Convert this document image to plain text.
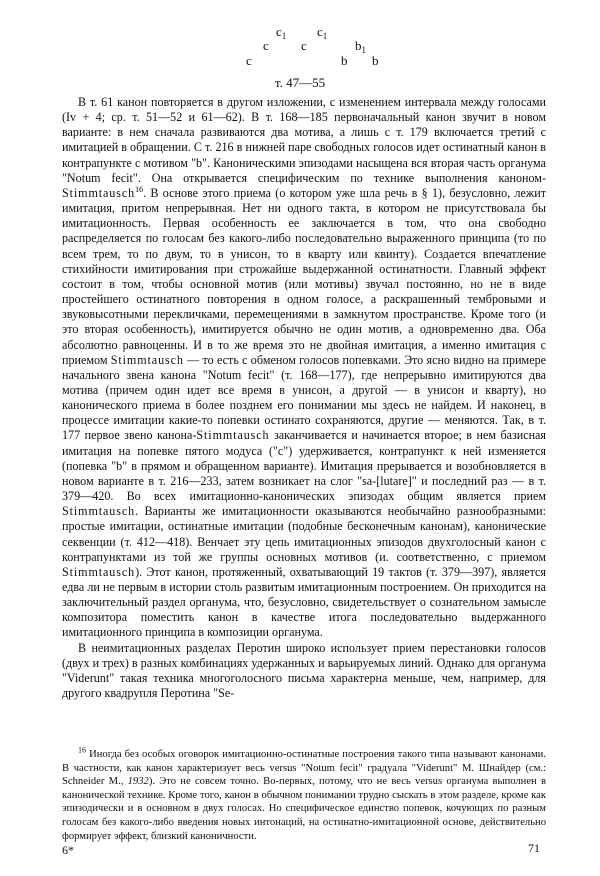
$c_1$ $c_1$
c c	$b_1$
c	b b
т. 47—55

В т. 61 канон повторяется в другом изложении, с изменением интервала между голосами (Iv + 4; ср. т. 51—52 и 61—62). В т. 168—185 первоначальный канон звучит в новом варианте: в нем сначала развиваются два мотива, а лишь с т. 179 включается третий с имитацией в обращении. С т. 216 в нижней паре свободных голосов идет остинатный канон в контрапункте с мотивом "b". Каноническими эпизодами насыщена вся вторая часть органума "Notum fecit". Она открывается специфическим по технике выполнения каноном-Stimmtausch$^{16}$. В основе этого приема (о котором уже шла речь в § 1), безусловно, лежит имитация, притом непрерывная. Нет ни одного такта, в котором не присутствовала бы имитационность. Первая особенность ее заключается в том, что она свободно распределяется по голосам без какого-либо последовательно выраженного принципа (то по всем трем, то по двум, то в унисон, то в кварту или квинту). Создается впечатление стихийности имитирования при строжайше выдержанной остинатности. Главный эффект состоит в том, чтобы основной мотив (или мотивы) звучал постоянно, но не в виде простейшего остинатного повторения в одном голосе, а раскрашенный тембровыми и звуковысотными перекличками, перемещениями в замкнутом пространстве. Кроме того (и это вторая особенность), имитируется обычно не один мотив, а одновременно два. Оба абсолютно равноценны. И в то же время это не двойная имитация, а именно имитация с приемом Stimmtausch — то есть с обменом голосов попевками. Это ясно видно на примере начального звена канона "Notum fecit" (т. 168—177), где непрерывно имитируются два мотива (причем один идет все время в унисон, а другой — в унисон и кварту), но канонического приема в более позднем его понимании мы здесь не найдем. И наконец, в процессе имитации какие-то попевки остинато сохраняются, другие — меняются. Так, в т. 177 первое звено канона-Stimmtausch заканчивается и начинается второе; в нем базисная имитация на попевке пятого модуса ("c") удерживается, контрапункт к ней изменяется (попевка "b" в прямом и обращенном варианте). Имитация прерывается и возобновляется в новом варианте в т. 216—233, затем возникает на слог "sa-[lutare]" и последний раз — в т. 379—420. Во всех имитационно-канонических эпизодах общим является прием Stimmtausch. Варианты же имитационности оказываются необычайно разнообразными: простые имитации, остинатные имитации (подобные бесконечным канонам), канонические секвенции (т. 412—418). Венчает эту цепь имитационных эпизодов двухголосный канон с контрапунктами из той же группы основных мотивов (и. соответственно, с приемом Stimmtausch). Этот канон, протяженный, охватывающий 19 тактов (т. 379—397), является едва ли не первым в истории столь развитым имитационным построением. Он приходится на заключительный раздел органума, что, безусловно, свидетельствует о сознательном замысле композитора поместить канон в качестве итога последовательно выдержанного имитационного принципа в композиции органума.

В неимитационных разделах Перотин широко использует прием перестановки голосов (двух и трех) в разных комбинациях удержанных и варьируемых линий. Однако для органума "Viderunt" такая техника многоголосного письма характерна меньше, чем, например, для другого квадрупля Перотина "Se-

$^{16}$ Иногда без особых оговорок имитационно-остинатные построения такого типа называют канонами. В частности, как канон характеризует весь versus "Notum fecit" градуала "Viderunt" М. Шнайдер (см.: Schneider M., 1932). Это не совсем точно. Во-первых, потому, что не весь versus органума выполнен в канонической технике. Кроме того, канон в обычном понимании трудно сыскать в этом разделе, кроме как эпизодически и в основном в двух голосах. Но специфическое единство попевок, кочующих по разным голосам без какого-либо введения новых интонаций, на остинатно-имитационной основе, действительно формирует эффект, близкий каноничности.

6*	71
